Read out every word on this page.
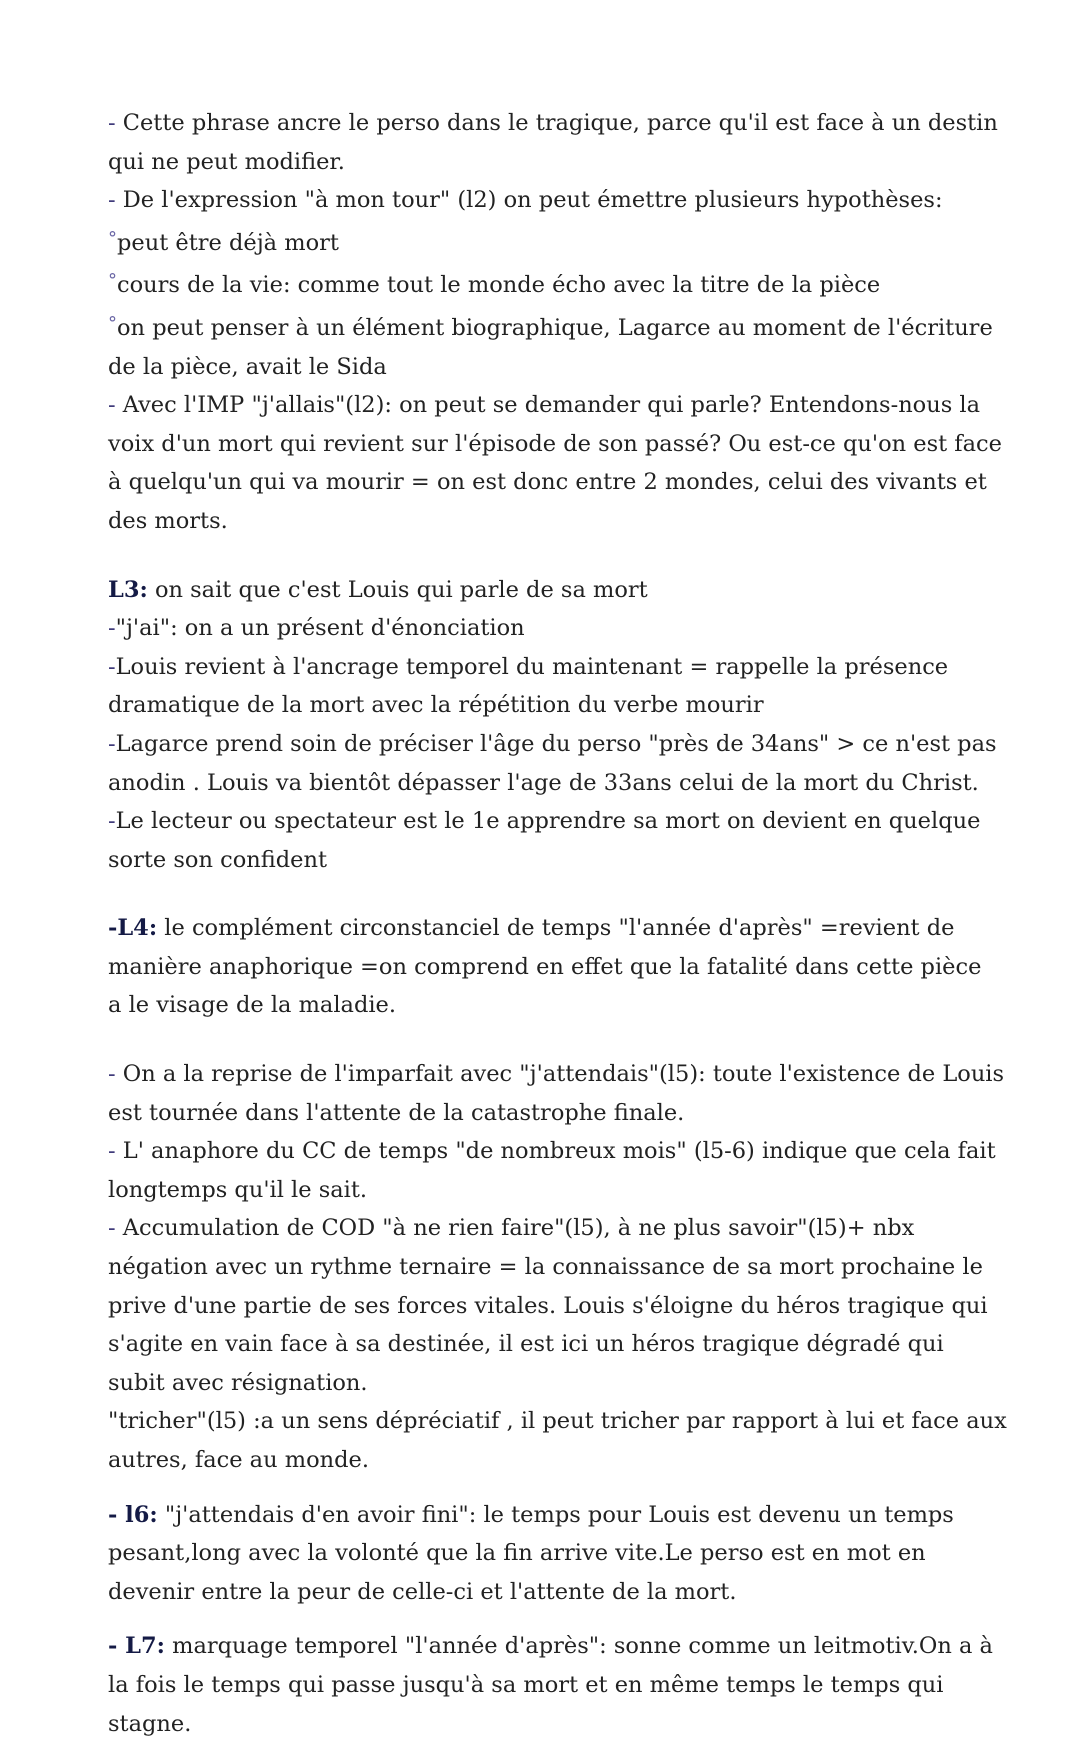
- Cette phrase ancre le perso dans le tragique, parce qu'il est face à un destin
qui ne peut modifier.
- De l'expression "à mon tour" (l2) on peut émettre plusieurs hypothèses:
°peut être déjà mort
°cours de la vie: comme tout le monde écho avec la titre de la pièce
°on peut penser à un élément biographique, Lagarce au moment de l'écriture
de la pièce, avait le Sida
- Avec l'IMP "j'allais"(l2): on peut se demander qui parle? Entendons-nous la
voix d'un mort qui revient sur l'épisode de son passé? Ou est-ce qu'on est face
à quelqu'un qui va mourir = on est donc entre 2 mondes, celui des vivants et
des morts.
L3: on sait que c'est Louis qui parle de sa mort
-"j'ai": on a un présent d'énonciation
-Louis revient à l'ancrage temporel du maintenant = rappelle la présence
dramatique de la mort avec la répétition du verbe mourir
-Lagarce prend soin de préciser l'âge du perso "près de 34ans" > ce n'est pas
anodin . Louis va bientôt dépasser l'age de 33ans celui de la mort du Christ.
-Le lecteur ou spectateur est le 1e apprendre sa mort on devient en quelque
sorte son confident
-L4: le complément circonstanciel de temps "l'année d'après" =revient de
manière anaphorique =on comprend en effet que la fatalité dans cette pièce
a le visage de la maladie.
- On a la reprise de l'imparfait avec "j'attendais"(l5): toute l'existence de Louis
est tournée dans l'attente de la catastrophe finale.
- L' anaphore du CC de temps "de nombreux mois" (l5-6) indique que cela fait
longtemps qu'il le sait.
- Accumulation de COD "à ne rien faire"(l5), à ne plus savoir"(l5)+ nbx
négation avec un rythme ternaire = la connaissance de sa mort prochaine le
prive d'une partie de ses forces vitales. Louis s'éloigne du héros tragique qui
s'agite en vain face à sa destinée, il est ici un héros tragique dégradé qui
subit avec résignation.
"tricher"(l5) :a un sens dépréciatif , il peut tricher par rapport à lui et face aux
autres, face au monde.
- l6: "j'attendais d'en avoir fini": le temps pour Louis est devenu un temps
pesant,long avec la volonté que la fin arrive vite.Le perso est en mot en
devenir entre la peur de celle-ci et l'attente de la mort.
- L7: marquage temporel "l'année d'après": sonne comme un leitmotiv.On a à
la fois le temps qui passe jusqu'à sa mort et en même temps le temps qui
stagne.
